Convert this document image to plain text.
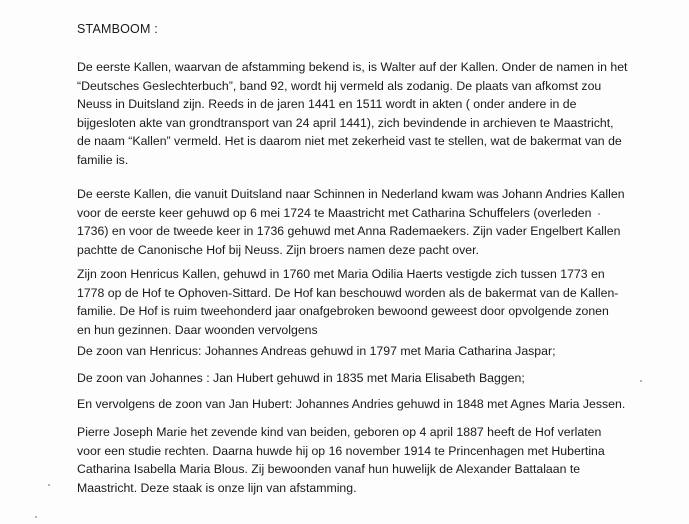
STAMBOOM :
De eerste Kallen, waarvan de afstamming bekend is, is Walter auf der Kallen. Onder de namen in het
“Deutsches Geslechterbuch”, band 92, wordt hij vermeld als zodanig. De plaats van afkomst zou
Neuss in Duitsland zijn. Reeds in de jaren 1441 en 1511 wordt in akten ( onder andere in de
bijgesloten akte van grondtransport van 24 april 1441), zich bevindende in archieven te Maastricht,
de naam “Kallen” vermeld. Het is daarom niet met zekerheid vast te stellen, wat de bakermat van de
familie is.
De eerste Kallen, die vanuit Duitsland naar Schinnen in Nederland kwam was Johann Andries Kallen
voor de eerste keer gehuwd op 6 mei 1724 te Maastricht met Catharina Schuffelers (overleden
1736) en voor de tweede keer in 1736 gehuwd met Anna Rademaekers. Zijn vader Engelbert Kallen
pachtte de Canonische Hof bij Neuss. Zijn broers namen deze pacht over.
Zijn zoon Henricus Kallen, gehuwd in 1760 met Maria Odilia Haerts vestigde zich tussen 1773 en
1778 op de Hof te Ophoven-Sittard. De Hof kan beschouwd worden als de bakermat van de Kallen-
familie. De Hof is ruim tweehonderd jaar onafgebroken bewoond geweest door opvolgende zonen
en hun gezinnen. Daar woonden vervolgens
De zoon van Henricus: Johannes Andreas gehuwd in 1797 met Maria Catharina Jaspar;
De zoon van Johannes : Jan Hubert gehuwd in 1835 met Maria Elisabeth Baggen;
En vervolgens de zoon van Jan Hubert: Johannes Andries gehuwd in 1848 met Agnes Maria Jessen.
Pierre Joseph Marie het zevende kind van beiden, geboren op 4 april 1887 heeft de Hof verlaten
voor een studie rechten. Daarna huwde hij op 16 november 1914 te Princenhagen met Hubertina
Catharina Isabella Maria Blous. Zij bewoonden vanaf hun huwelijk de Alexander Battalaan te
Maastricht. Deze staak is onze lijn van afstamming.
